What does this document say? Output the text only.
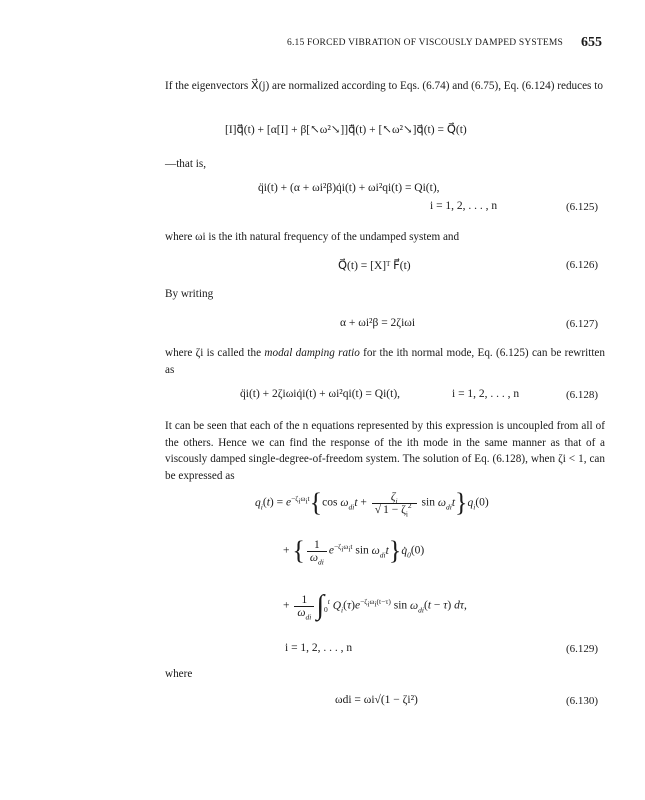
6.15 FORCED VIBRATION OF VISCOUSLY DAMPED SYSTEMS 655
If the eigenvectors X⃗(j) are normalized according to Eqs. (6.74) and (6.75), Eq. (6.124) reduces to
[I]q̈⃗(t) + [α[I] + β[↖ω²↘]]q̇⃗(t) + [↖ω²↘]q⃗(t) = Q⃗(t)
—that is,
q̈i(t) + (α + ωi²β)q̇i(t) + ωi²qi(t) = Qi(t),
i = 1, 2, . . . , n	(6.125)
where ωi is the ith natural frequency of the undamped system and
Q⃗(t) = [X]ᵀ F⃗(t)	(6.126)
By writing
α + ωi²β = 2ζiωi	(6.127)
where ζi is called the modal damping ratio for the ith normal mode, Eq. (6.125) can be rewritten as
q̈i(t) + 2ζiωiq̇i(t) + ωi²qi(t) = Qi(t),	i = 1, 2, . . . , n	(6.128)
It can be seen that each of the n equations represented by this expression is uncoupled from all of the others. Hence we can find the response of the ith mode in the same manner as that of a viscously damped single-degree-of-freedom system. The solution of Eq. (6.128), when ζi < 1, can be expressed as
$q_i(t) = e^{-\zeta_i\omega_it}\{\cos$ $\omega_{di}t + \frac{\zeta_i}{√ 1 - \zeta_i^2}$ $\sin \omega_{di}t\}q_i(0)$
+ { $\frac{1}{\omega_{di}} e^{-\zeta_i\omega_it}$ $\sin \omega_{di}t\}q̇_0(0)$
+ $\frac{1}{\omega_{di}} \int_0^t$ $Q_i(\tau)e^{-\zeta_i\omega_i(t-\tau)}$ $\sin \omega_{di}(t - \tau)$ dτ,
i = 1, 2, . . . , n	(6.129)
where
ωdi = ωi√(1 − ζi²)	(6.130)
